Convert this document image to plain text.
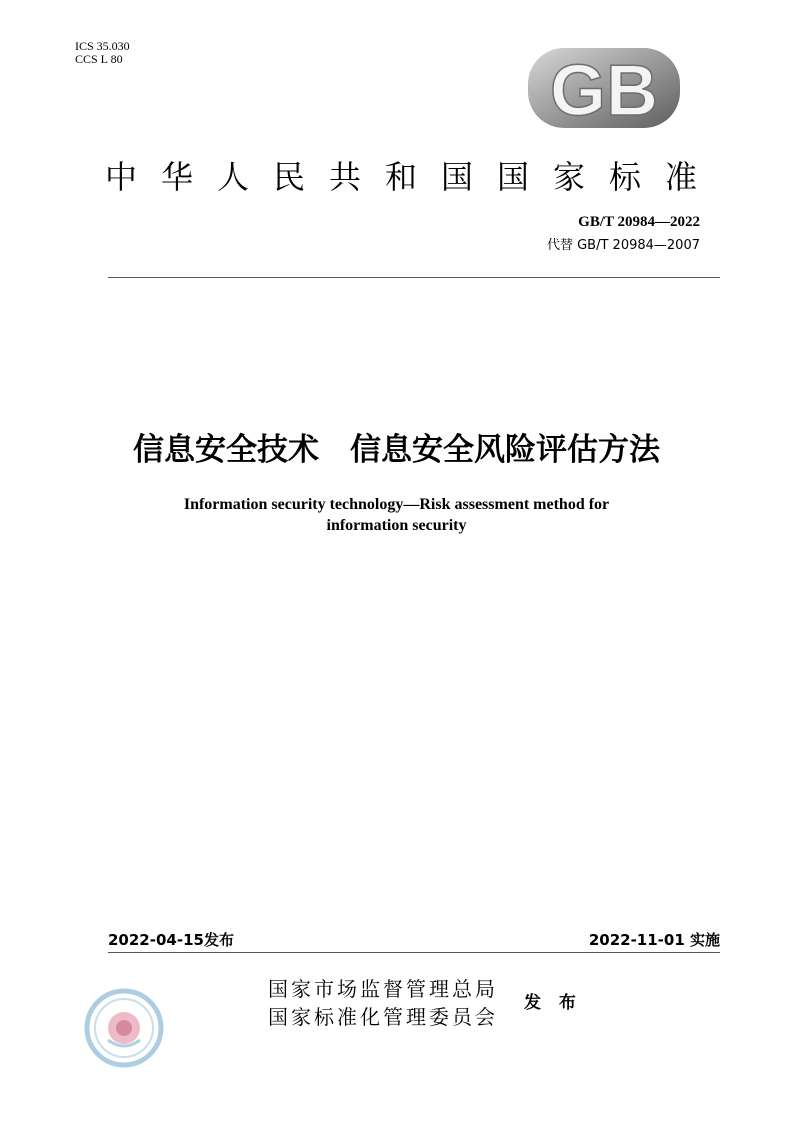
ICS 35.030
CCS L 80	GB
中华人民共和国国家标准
GB/T 20984—2022
代替 GB/T 20984—2007
信息安全技术　信息安全风险评估方法
Information security technology—Risk assessment method for
information security
2022-04-15发布	2022-11-01 实施
国家市场监督管理总局
国家标准化管理委员会
发 布
